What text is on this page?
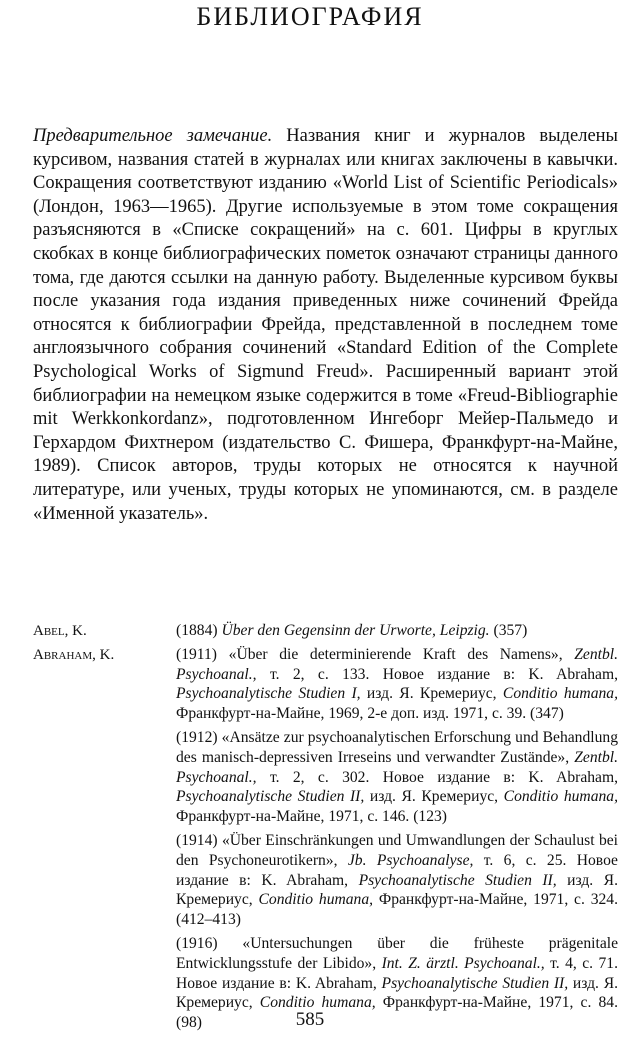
БИБЛИОГРАФИЯ

Предварительное замечание. Названия книг и журналов выделены курсивом, названия статей в журналах или книгах заключены в кавычки. Сокращения соответствуют изданию «World List of Scientific Periodicals» (Лондон, 1963—1965). Другие используемые в этом томе сокращения разъясняются в «Списке сокращений» на с. 601. Цифры в круглых скобках в конце библиографических пометок означают страницы данного тома, где даются ссылки на данную работу. Выделенные курсивом буквы после указания года издания приведенных ниже сочинений Фрейда относятся к библиографии Фрейда, представленной в последнем томе англоязычного собрания сочинений «Standard Edition of the Complete Psychological Works of Sigmund Freud». Расширенный вариант этой библиографии на немецком языке содержится в томе «Freud-Bibliographie mit Werkkonkordanz», подготовленном Ингеборг Мейер-Пальмедо и Герхардом Фихтнером (издательство С. Фишера, Франкфурт-на-Майне, 1989). Список авторов, труды которых не относятся к научной литературе, или ученых, труды которых не упоминаются, см. в разделе «Именной указатель».

Abel, K.	(1884) Über den Gegensinn der Urworte, Leipzig. (357)
Abraham, K.	(1911) «Über die determinierende Kraft des Namens», Zentbl. Psychoanal., т. 2, с. 133. Новое издание в: K. Abraham, Psychoanalytische Studien I, изд. Я. Кремериус, Conditio humana, Франкфурт-на-Майне, 1969, 2-е доп. изд. 1971, с. 39. (347)
(1912) «Ansätze zur psychoanalytischen Erforschung und Behandlung des manisch-depressiven Irreseins und verwandter Zustände», Zentbl. Psychoanal., т. 2, с. 302. Новое издание в: K. Abraham, Psychoanalytische Studien II, изд. Я. Кремериус, Conditio humana, Франкфурт-на-Майне, 1971, с. 146. (123)
(1914) «Über Einschränkungen und Umwandlungen der Schaulust bei den Psychoneurotikern», Jb. Psychoanalyse, т. 6, с. 25. Новое издание в: K. Abraham, Psychoanalytische Studien II, изд. Я. Кремериус, Conditio humana, Франкфурт-на-Майне, 1971, с. 324. (412–413)
(1916) «Untersuchungen über die früheste prägenitale Entwicklungsstufe der Libido», Int. Z. ärztl. Psychoanal., т. 4, с. 71. Новое издание в: K. Abraham, Psychoanalytische Studien II, изд. Я. Кремериус, Conditio humana, Франкфурт-на-Майне, 1971, с. 84. (98)	585
